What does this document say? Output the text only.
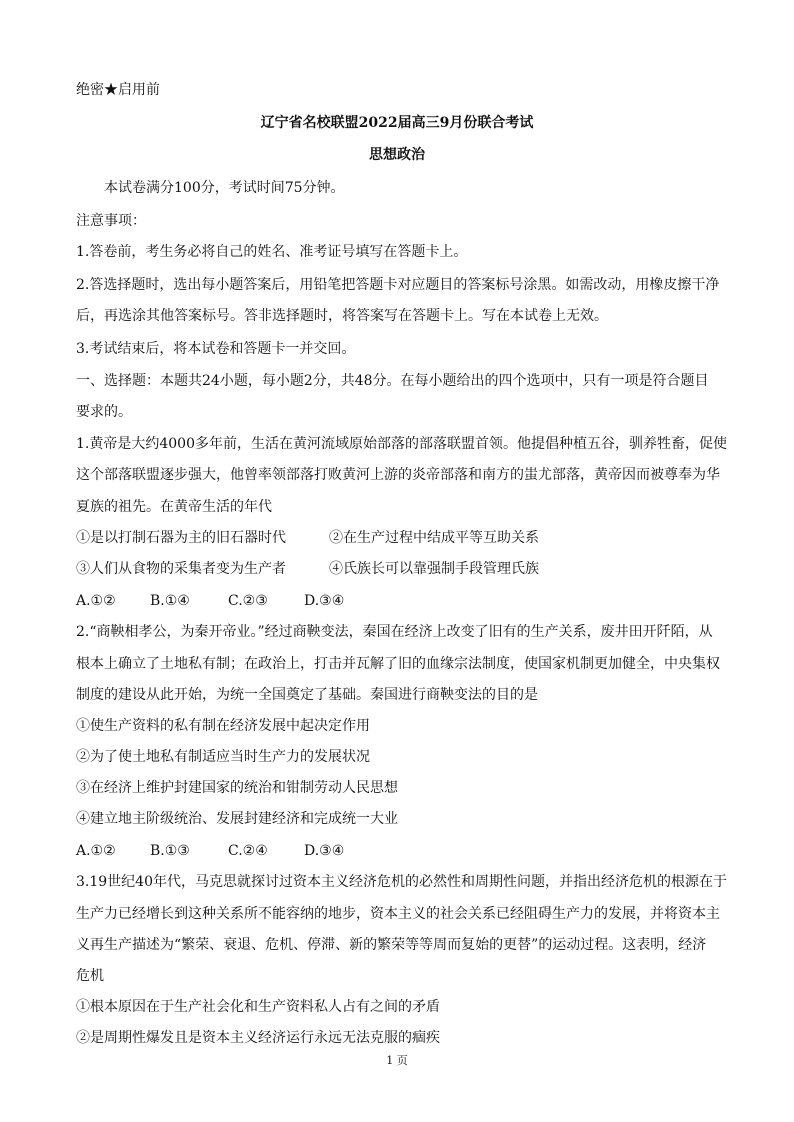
绝密★启用前
辽宁省名校联盟2022届高三9月份联合考试
思想政治
本试卷满分100分，考试时间75分钟。
注意事项：
1.答卷前，考生务必将自己的姓名、准考证号填写在答题卡上。
2.答选择题时，选出每小题答案后，用铅笔把答题卡对应题目的答案标号涂黑。如需改动，用橡皮擦干净
后，再选涂其他答案标号。答非选择题时，将答案写在答题卡上。写在本试卷上无效。
3.考试结束后，将本试卷和答题卡一并交回。
一、选择题：本题共24小题，每小题2分，共48分。在每小题给出的四个选项中，只有一项是符合题目
要求的。
1.黄帝是大约4000多年前，生活在黄河流域原始部落的部落联盟首领。他提倡种植五谷，驯养牲畜，促使
这个部落联盟逐步强大，他曾率领部落打败黄河上游的炎帝部落和南方的蚩尤部落，黄帝因而被尊奉为华
夏族的祖先。在黄帝生活的年代
①是以打制石器为主的旧石器时代	②在生产过程中结成平等互助关系
③人们从食物的采集者变为生产者	④氏族长可以靠强制手段管理氏族
A.①② B.①④	C.②③	D.③④
2.“商鞅相孝公，为秦开帝业。”经过商鞅变法，秦国在经济上改变了旧有的生产关系，废井田开阡陌，从
根本上确立了土地私有制；在政治上，打击并瓦解了旧的血缘宗法制度，使国家机制更加健全，中央集权
制度的建设从此开始，为统一全国奠定了基础。秦国进行商鞅变法的目的是
①使生产资料的私有制在经济发展中起决定作用
②为了使土地私有制适应当时生产力的发展状况
③在经济上维护封建国家的统治和钳制劳动人民思想
④建立地主阶级统治、发展封建经济和完成统一大业
A.①② B.①③	C.②④	D.③④
3.19世纪40年代，马克思就探讨过资本主义经济危机的必然性和周期性问题，并指出经济危机的根源在于
生产力已经增长到这种关系所不能容纳的地步，资本主义的社会关系已经阻碍生产力的发展，并将资本主
义再生产描述为“繁荣、衰退、危机、停滞、新的繁荣等等周而复始的更替”的运动过程。这表明，经济
危机
①根本原因在于生产社会化和生产资料私人占有之间的矛盾
②是周期性爆发且是资本主义经济运行永远无法克服的痼疾
1 页
